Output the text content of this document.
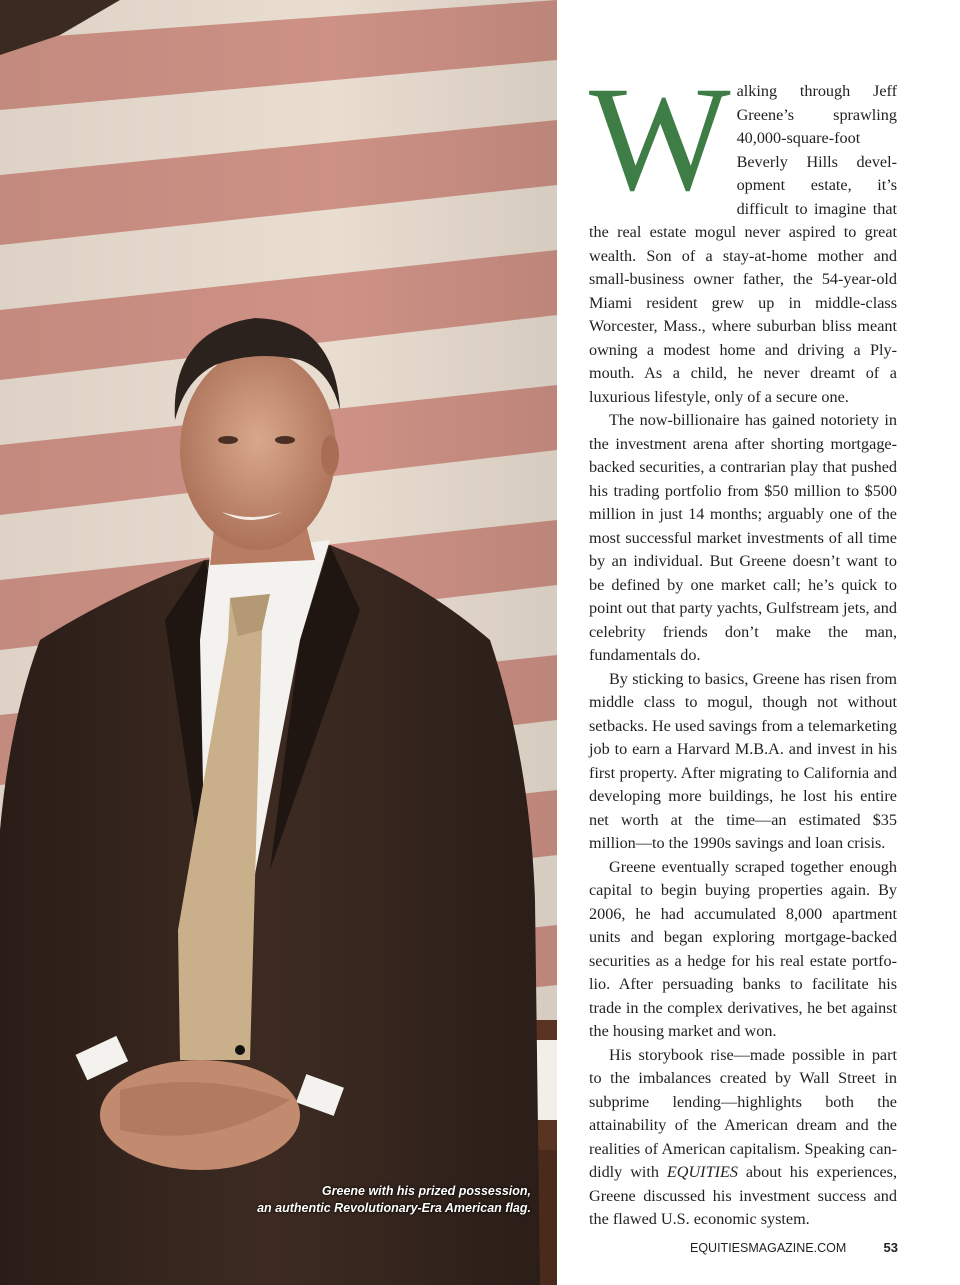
Greene with his prized possession,
an authentic Revolutionary-Era American flag.
W alking through Jeff Greene’s sprawling 40,000-square-foot Beverly Hills development estate, it’s difficult to imagine that the real estate mogul never aspired to great wealth. Son of a stay-at-home mother and small-business owner father, the 54-year-old Miami resident grew up in middle-class Worcester, Mass., where suburban bliss meant owning a modest home and driving a Plymouth. As a child, he never dreamt of a luxurious lifestyle, only of a secure one.

The now-billionaire has gained notoriety in the investment arena after shorting mortgage-backed securities, a contrarian play that pushed his trading portfolio from $50 million to $500 million in just 14 months; arguably one of the most successful market investments of all time by an individual. But Greene doesn’t want to be defined by one market call; he’s quick to point out that party yachts, Gulfstream jets, and celebrity friends don’t make the man, fundamentals do.

By sticking to basics, Greene has risen from middle class to mogul, though not without setbacks. He used savings from a telemarketing job to earn a Harvard M.B.A. and invest in his first property. After migrating to California and developing more buildings, he lost his entire net worth at the time—an estimated $35 million—to the 1990s savings and loan crisis.

Greene eventually scraped together enough capital to begin buying properties again. By 2006, he had accumulated 8,000 apartment units and began exploring mortgage-backed securities as a hedge for his real estate portfolio. After persuading banks to facilitate his trade in the complex derivatives, he bet against the housing market and won.

His storybook rise—made possible in part to the imbalances created by Wall Street in subprime lending—highlights both the attainability of the American dream and the realities of American capitalism. Speaking candidly with EQUITIES about his experiences, Greene discussed his investment success and the flawed U.S. economic system.

EQUITIESMAGAZINE.COM	53
